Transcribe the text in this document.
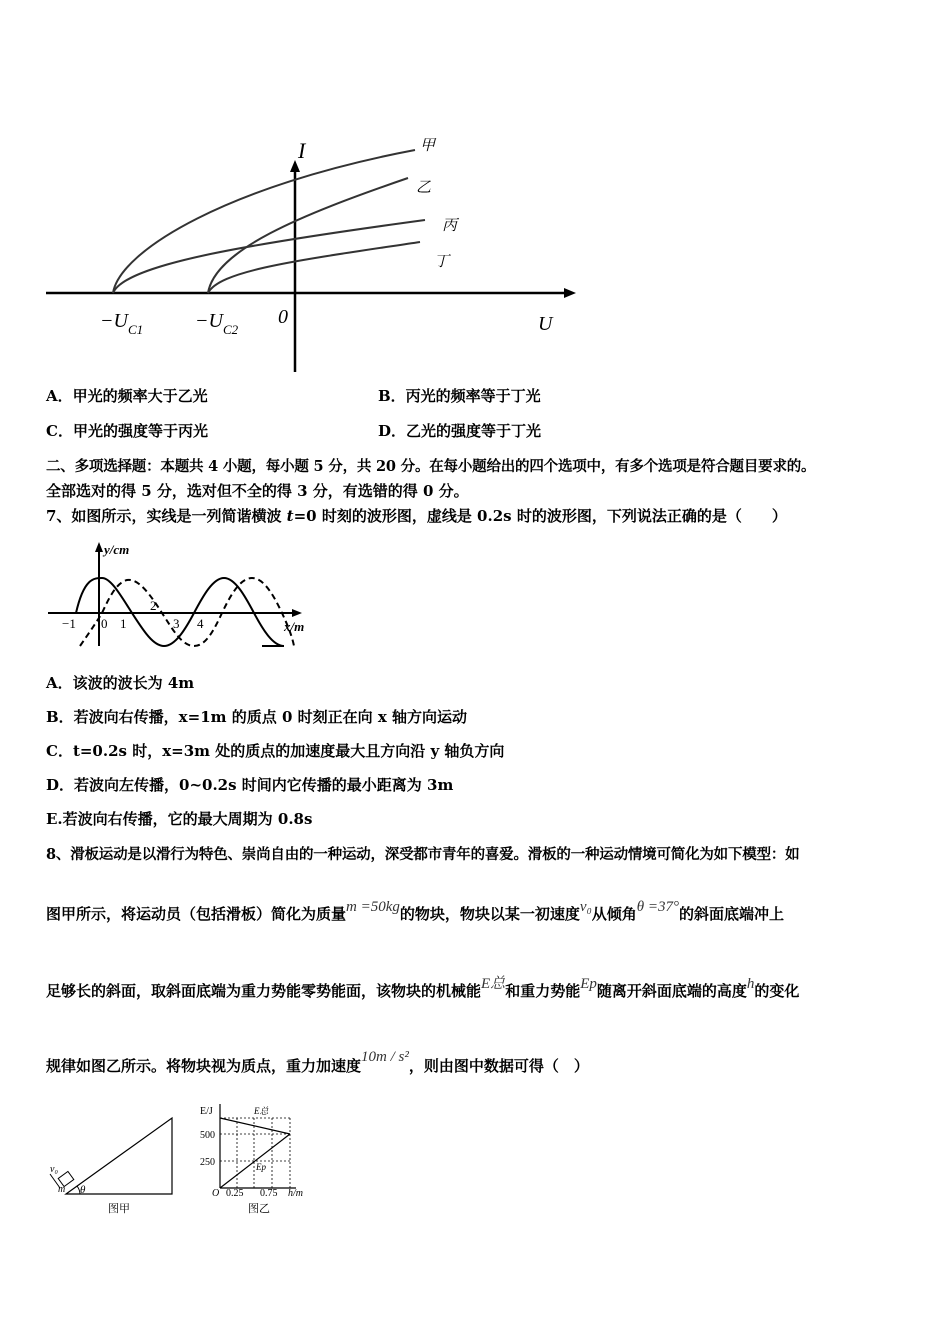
I
U
0
甲
乙
丙
丁
$-U_{C1}$	$-U_{C2}$
A．甲光的频率大于乙光	B．丙光的频率等于丁光
C．甲光的强度等于丙光	D．乙光的强度等于丁光
二、多项选择题：本题共 4 小题，每小题 5 分，共 20 分。在每小题给出的四个选项中，有多个选项是符合题目要求的。
全部选对的得 5 分，选对但不全的得 3 分，有选错的得 0 分。
7、如图所示，实线是一列简谐横波 t=0 时刻的波形图，虚线是 0.2s 时的波形图，下列说法正确的是（　　）
y/cm
x/m
−1 0 1
2
3 4
A．该波的波长为 4m
B．若波向右传播，x=1m 的质点 0 时刻正在向 x 轴方向运动
C．t=0.2s 时，x=3m 处的质点的加速度最大且方向沿 y 轴负方向
D．若波向左传播，0~0.2s 时间内它传播的最小距离为 3m
E.若波向右传播，它的最大周期为 0.8s
8、滑板运动是以滑行为特色、崇尚自由的一种运动，深受都市青年的喜爱。滑板的一种运动情境可简化为如下模型：如
图甲所示，将运动员（包括滑板）简化为质量m =50kg的物块，物块以某一初速度v₀从倾角θ =37°的斜面底端冲上
足够长的斜面，取斜面底端为重力势能零势能面，该物块的机械能E总和重力势能Ep随离开斜面底端的高度h的变化
规律如图乙所示。将物块视为质点，重力加速度10m / s²，则由图中数据可得（　）
v₀
m θ
图甲
E/J
500
250
O 0.25 0.75 h/m
E总
Ep
图乙
